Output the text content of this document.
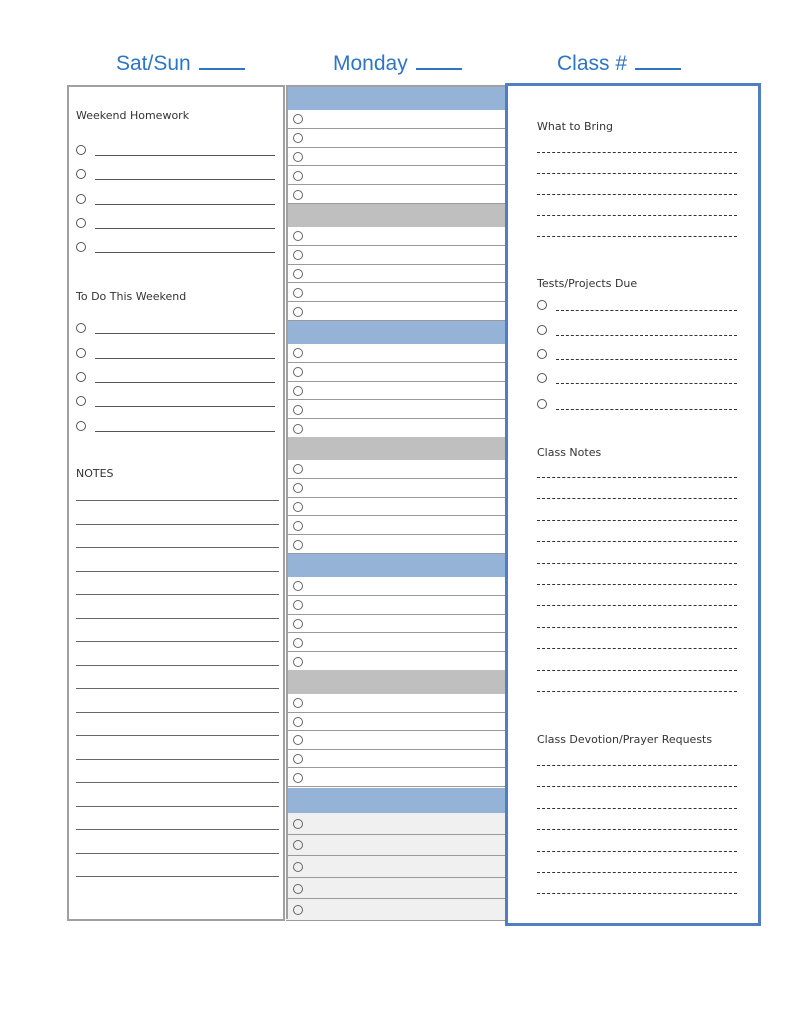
Sat/Sun	Monday	Class #
Weekend Homework
To Do This Weekend
NOTES
What to Bring
Tests/Projects Due
Class Notes
Class Devotion/Prayer Requests
